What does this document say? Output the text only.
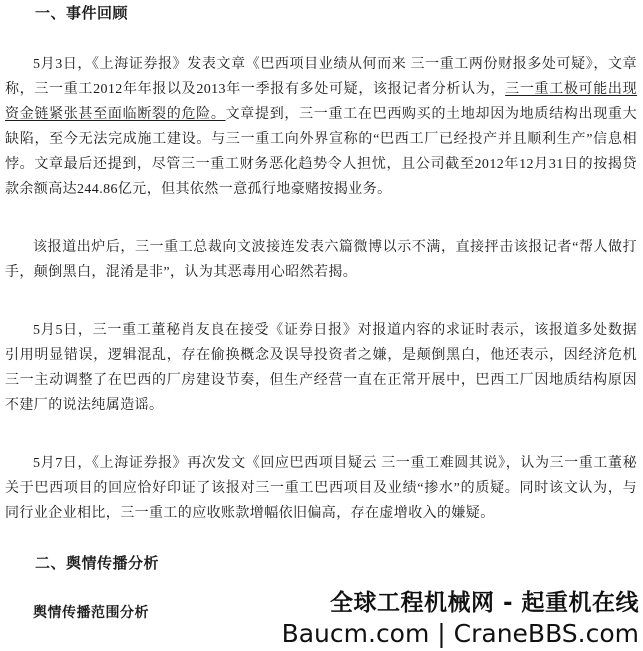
一、事件回顾

5月3日，《上海证券报》发表文章《巴西项目业绩从何而来 三一重工两份财报多处可疑》，文章称，三一重工2012年年报以及2013年一季报有多处可疑，该报记者分析认为，三一重工极可能出现资金链紧张甚至面临断裂的危险。文章提到，三一重工在巴西购买的土地却因为地质结构出现重大缺陷，至今无法完成施工建设。与三一重工向外界宣称的“巴西工厂已经投产并且顺利生产”信息相悖。文章最后还提到，尽管三一重工财务恶化趋势令人担忧，且公司截至2012年12月31日的按揭贷款余额高达244.86亿元，但其依然一意孤行地豪赌按揭业务。

该报道出炉后，三一重工总裁向文波接连发表六篇微博以示不满，直接抨击该报记者“帮人做打手，颠倒黑白，混淆是非”，认为其恶毒用心昭然若揭。

5月5日，三一重工董秘肖友良在接受《证券日报》对报道内容的求证时表示，该报道多处数据引用明显错误，逻辑混乱，存在偷换概念及误导投资者之嫌，是颠倒黑白，他还表示，因经济危机三一主动调整了在巴西的厂房建设节奏，但生产经营一直在正常开展中，巴西工厂因地质结构原因不建厂的说法纯属造谣。

5月7日，《上海证券报》再次发文《回应巴西项目疑云 三一重工难圆其说》，认为三一重工董秘关于巴西项目的回应恰好印证了该报对三一重工巴西项目及业绩“掺水”的质疑。同时该文认为，与同行业企业相比，三一重工的应收账款增幅依旧偏高，存在虚增收入的嫌疑。

二、舆情传播分析
舆情传播范围分析	全球工程机械网 - 起重机在线
Baucm.com | CraneBBS.com
